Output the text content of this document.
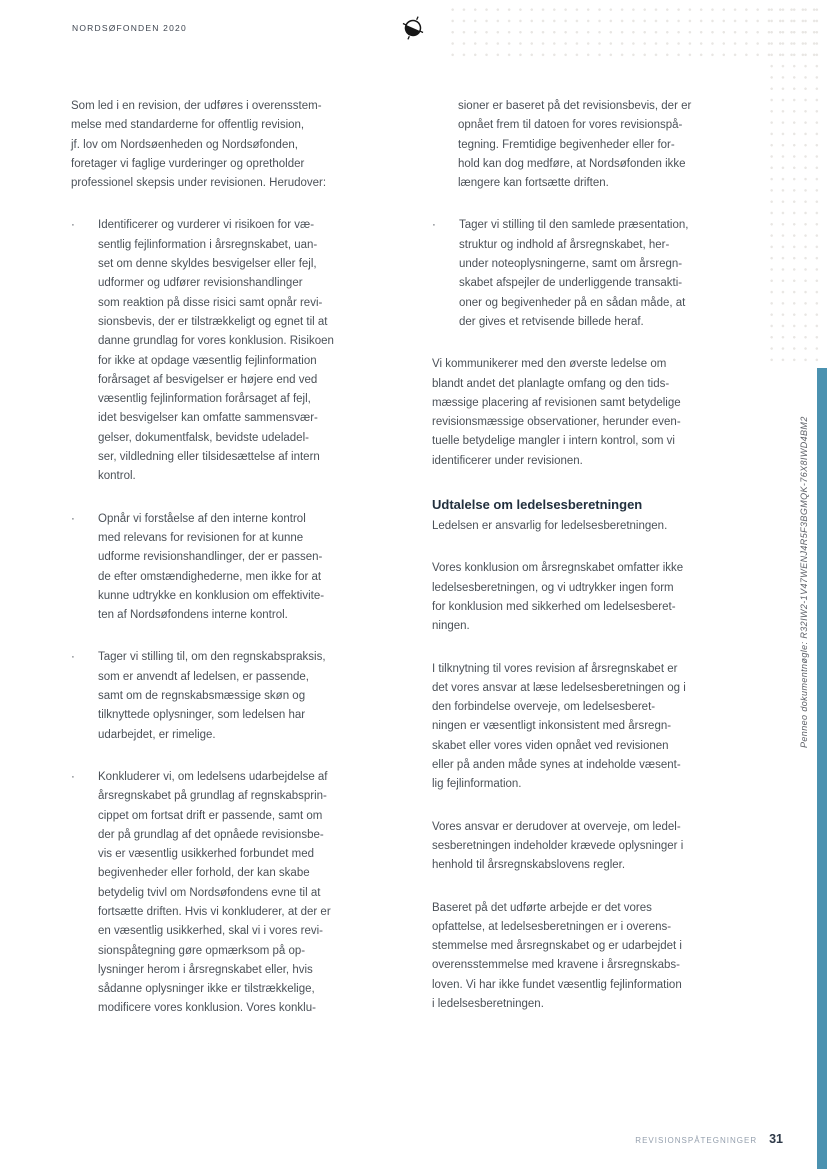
NORDSØFONDEN 2020
Penneo dokumentnøgle: R32IW2-1V47WENJ4R5F3BGMQK-76X8IWD4BM2
Som led i en revision, der udføres i overensstem-
melse med standarderne for offentlig revision,
jf. lov om Nordsøenheden og Nordsøfonden,
foretager vi faglige vurderinger og opretholder
professionel skepsis under revisionen. Herudover:
·	Identificerer og vurderer vi risikoen for væ-
sentlig fejlinformation i årsregnskabet, uan-
set om denne skyldes besvigelser eller fejl,
udformer og udfører revisionshandlinger
som reaktion på disse risici samt opnår revi-
sionsbevis, der er tilstrækkeligt og egnet til at
danne grundlag for vores konklusion. Risikoen
for ikke at opdage væsentlig fejlinformation
forårsaget af besvigelser er højere end ved
væsentlig fejlinformation forårsaget af fejl,
idet besvigelser kan omfatte sammensvær-
gelser, dokumentfalsk, bevidste udeladel-
ser, vildledning eller tilsidesættelse af intern
kontrol.
·	Opnår vi forståelse af den interne kontrol
med relevans for revisionen for at kunne
udforme revisionshandlinger, der er passen-
de efter omstændighederne, men ikke for at
kunne udtrykke en konklusion om effektivite-
ten af Nordsøfondens interne kontrol.
·	Tager vi stilling til, om den regnskabspraksis,
som er anvendt af ledelsen, er passende,
samt om de regnskabsmæssige skøn og
tilknyttede oplysninger, som ledelsen har
udarbejdet, er rimelige.
·	Konkluderer vi, om ledelsens udarbejdelse af
årsregnskabet på grundlag af regnskabsprin-
cippet om fortsat drift er passende, samt om
der på grundlag af det opnåede revisionsbe-
vis er væsentlig usikkerhed forbundet med
begivenheder eller forhold, der kan skabe
betydelig tvivl om Nordsøfondens evne til at
fortsætte driften. Hvis vi konkluderer, at der er
en væsentlig usikkerhed, skal vi i vores revi-
sionspåtegning gøre opmærksom på op-
lysninger herom i årsregnskabet eller, hvis
sådanne oplysninger ikke er tilstrækkelige,
modificere vores konklusion. Vores konklu-
sioner er baseret på det revisionsbevis, der er
opnået frem til datoen for vores revisionspå-
tegning. Fremtidige begivenheder eller for-
hold kan dog medføre, at Nordsøfonden ikke
længere kan fortsætte driften.
·	Tager vi stilling til den samlede præsentation,
struktur og indhold af årsregnskabet, her-
under noteoplysningerne, samt om årsregn-
skabet afspejler de underliggende transakti-
oner og begivenheder på en sådan måde, at
der gives et retvisende billede heraf.
Vi kommunikerer med den øverste ledelse om
blandt andet det planlagte omfang og den tids-
mæssige placering af revisionen samt betydelige
revisionsmæssige observationer, herunder even-
tuelle betydelige mangler i intern kontrol, som vi
identificerer under revisionen.
Udtalelse om ledelsesberetningen
Ledelsen er ansvarlig for ledelsesberetningen.
Vores konklusion om årsregnskabet omfatter ikke
ledelsesberetningen, og vi udtrykker ingen form
for konklusion med sikkerhed om ledelsesberet-
ningen.
I tilknytning til vores revision af årsregnskabet er
det vores ansvar at læse ledelsesberetningen og i
den forbindelse overveje, om ledelsesberet-
ningen er væsentligt inkonsistent med årsregn-
skabet eller vores viden opnået ved revisionen
eller på anden måde synes at indeholde væsent-
lig fejlinformation.
Vores ansvar er derudover at overveje, om ledel-
sesberetningen indeholder krævede oplysninger i
henhold til årsregnskabslovens regler.
Baseret på det udførte arbejde er det vores
opfattelse, at ledelsesberetningen er i overens-
stemmelse med årsregnskabet og er udarbejdet i
overensstemmelse med kravene i årsregnskabs-
loven. Vi har ikke fundet væsentlig fejlinformation
i ledelsesberetningen.
REVISIONSPÅTEGNINGER 31
